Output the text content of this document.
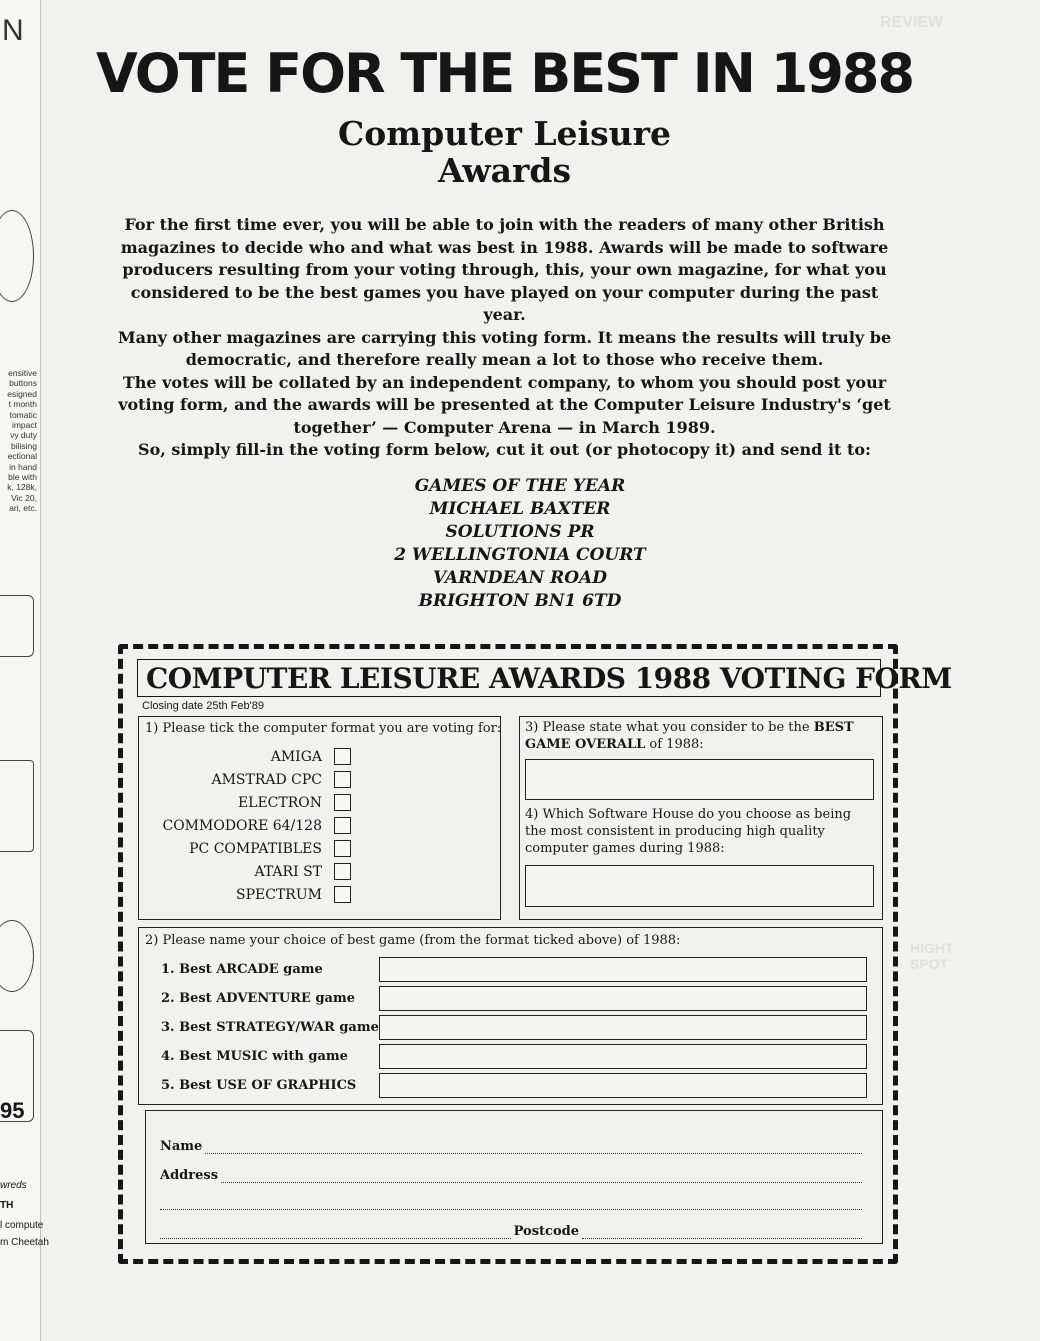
N
ensitive
buttons
esigned
t month
tomatic
impact
vy duty
bilising
ectional
in hand
ble with
k, 128k,
Vic 20,
ari, etc.
95
wreds
TH
l compute
m Cheetah
REVIEW
HIGHT SPOT
VOTE FOR THE BEST IN 1988
Computer Leisure
Awards

For the first time ever, you will be able to join with the readers of many other British magazines to decide who and what was best in 1988. Awards will be made to software producers resulting from your voting through, this, your own magazine, for what you considered to be the best games you have played on your computer during the past year.

Many other magazines are carrying this voting form. It means the results will truly be democratic, and therefore really mean a lot to those who receive them.

The votes will be collated by an independent company, to whom you should post your voting form, and the awards will be presented at the Computer Leisure Industry's ‘get together’ — Computer Arena — in March 1989.

So, simply fill-in the voting form below, cut it out (or photocopy it) and send it to:

GAMES OF THE YEAR
MICHAEL BAXTER
SOLUTIONS PR
2 WELLINGTONIA COURT
VARNDEAN ROAD
BRIGHTON BN1 6TD
COMPUTER LEISURE AWARDS 1988 VOTING FORM
Closing date 25th Feb'89
1) Please tick the computer format you are voting for:
AMIGA
AMSTRAD CPC
ELECTRON
COMMODORE 64/128
PC COMPATIBLES
ATARI ST
SPECTRUM
3) Please state what you consider to be the BEST GAME OVERALL of 1988:
4) Which Software House do you choose as being the most consistent in producing high quality computer games during 1988:
2) Please name your choice of best game (from the format ticked above) of 1988:
1. Best ARCADE game
2. Best ADVENTURE game
3. Best STRATEGY/WAR game
4. Best MUSIC with game
5. Best USE OF GRAPHICS
Name
Address
Postcode
